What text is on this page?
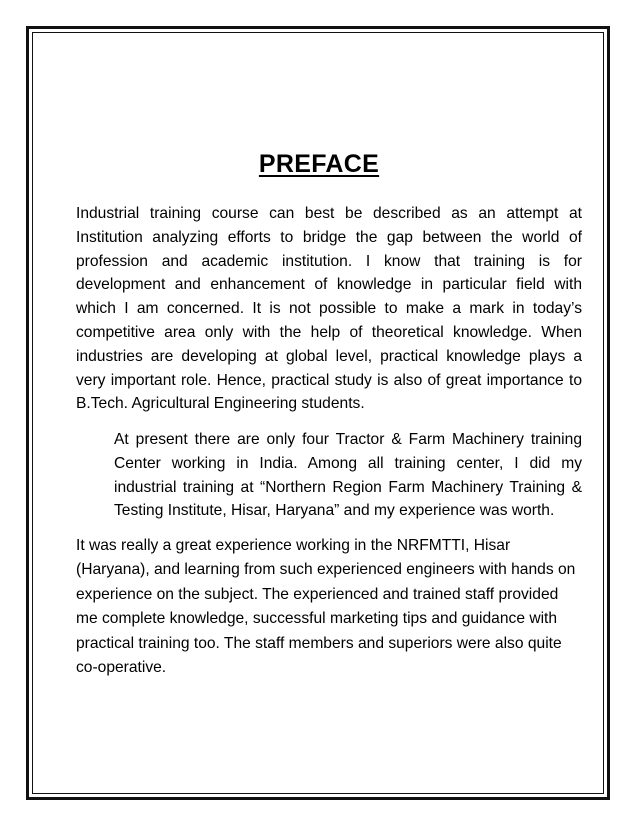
PREFACE

Industrial training course can best be described as an attempt at Institution analyzing efforts to bridge the gap between the world of profession and academic institution. I know that training is for development and enhancement of knowledge in particular field with which I am concerned. It is not possible to make a mark in today’s competitive area only with the help of theoretical knowledge. When industries are developing at global level, practical knowledge plays a very important role. Hence, practical study is also of great importance to B.Tech. Agricultural Engineering students.

At present there are only four Tractor & Farm Machinery training Center working in India. Among all training center, I did my industrial training at “Northern Region Farm Machinery Training & Testing Institute, Hisar, Haryana” and my experience was worth.

It was really a great experience working in the NRFMTTI, Hisar (Haryana), and learning from such experienced engineers with hands on experience on the subject. The experienced and trained staff provided me complete knowledge, successful marketing tips and guidance with practical training too. The staff members and superiors were also quite co-operative.
